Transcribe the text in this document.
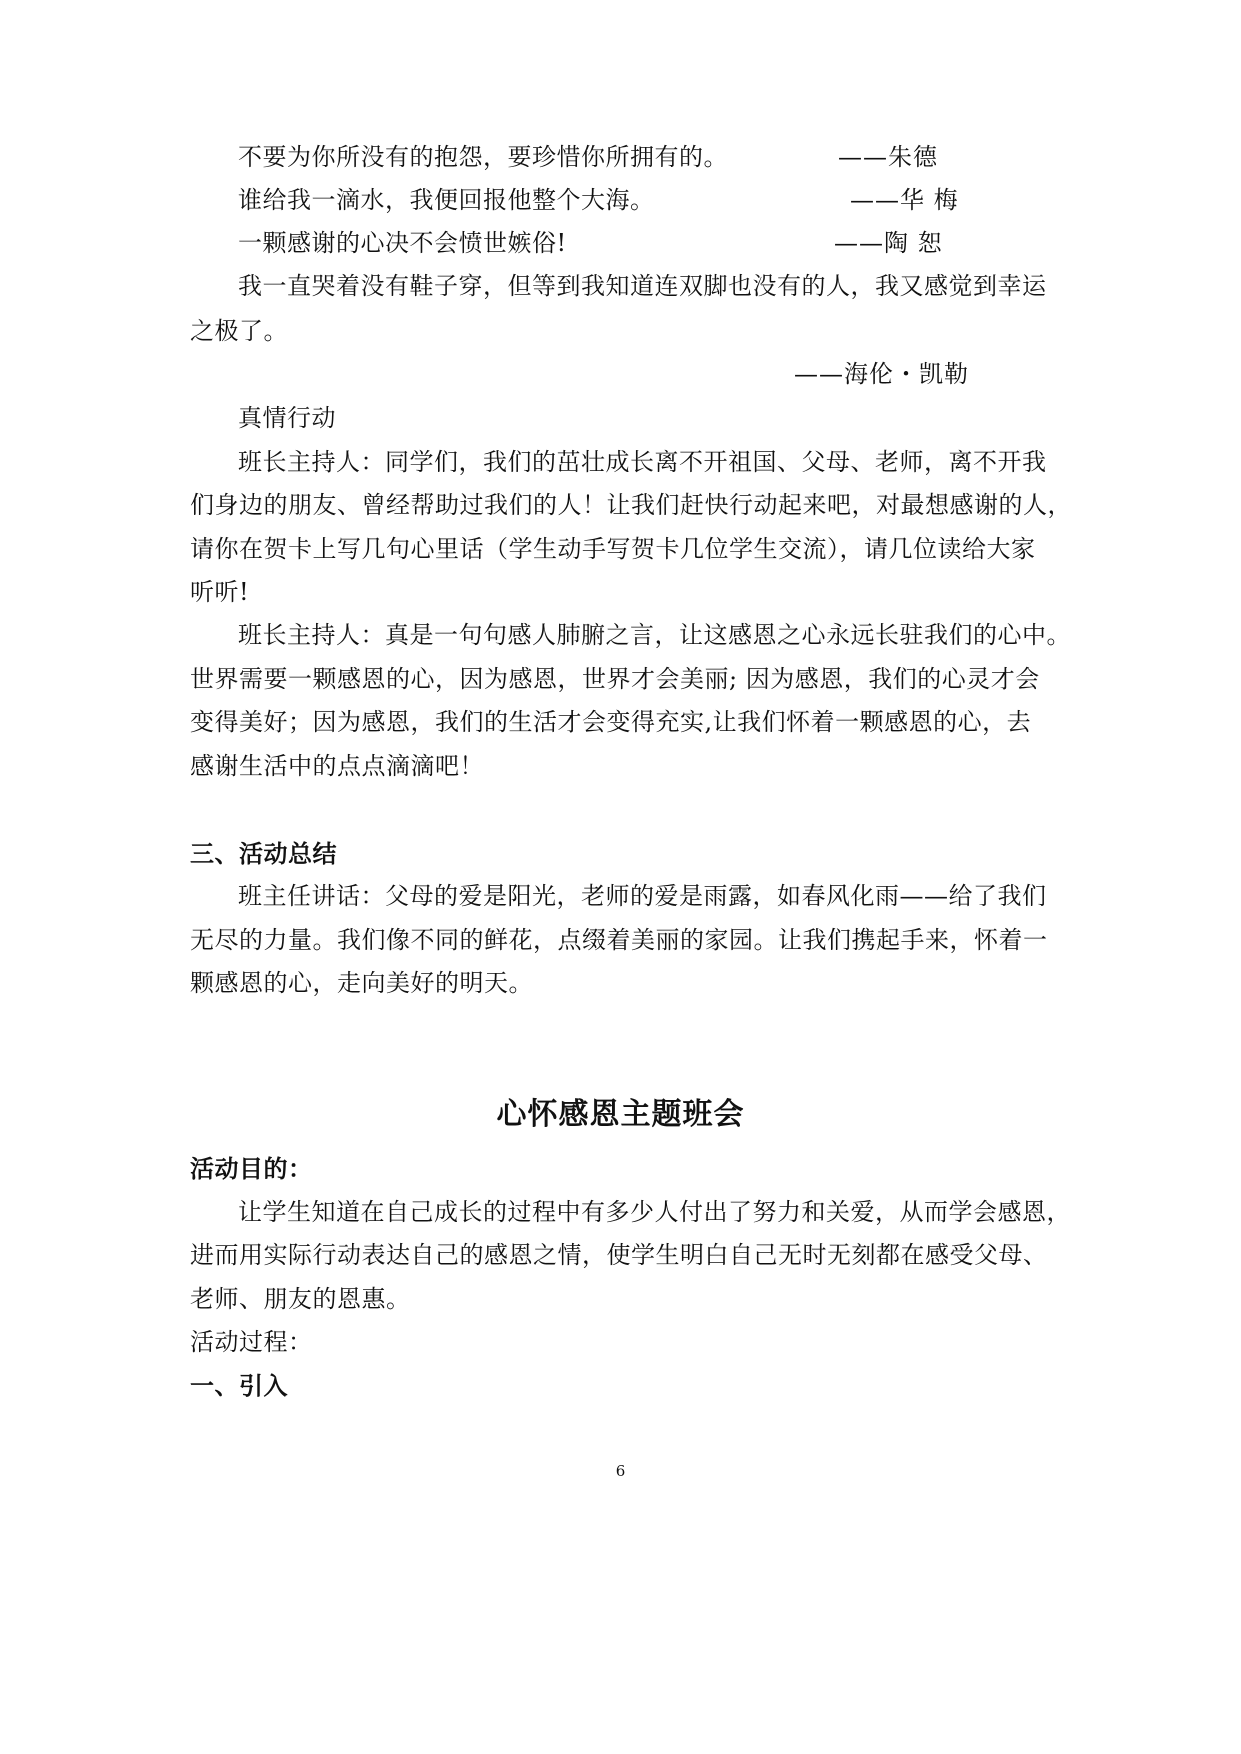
不要为你所没有的抱怨，要珍惜你所拥有的。	——朱德
谁给我一滴水，我便回报他整个大海。	——华 梅
一颗感谢的心决不会愤世嫉俗!	——陶 恕
我一直哭着没有鞋子穿，但等到我知道连双脚也没有的人，我又感觉到幸运
之极了。
——海伦・凯勒
真情行动
班长主持人：同学们，我们的茁壮成长离不开祖国、父母、老师，离不开我
们身边的朋友、曾经帮助过我们的人！让我们赶快行动起来吧，对最想感谢的人，
请你在贺卡上写几句心里话（学生动手写贺卡几位学生交流），请几位读给大家
听听!
班长主持人：真是一句句感人肺腑之言，让这感恩之心永远长驻我们的心中。
世界需要一颗感恩的心，因为感恩，世界才会美丽; 因为感恩，我们的心灵才会
变得美好；因为感恩，我们的生活才会变得充实,让我们怀着一颗感恩的心，去
感谢生活中的点点滴滴吧！
三、活动总结
班主任讲话：父母的爱是阳光，老师的爱是雨露，如春风化雨——给了我们
无尽的力量。我们像不同的鲜花，点缀着美丽的家园。让我们携起手来，怀着一
颗感恩的心，走向美好的明天。
心怀感恩主题班会
活动目的：
让学生知道在自己成长的过程中有多少人付出了努力和关爱，从而学会感恩，
进而用实际行动表达自己的感恩之情，使学生明白自己无时无刻都在感受父母、
老师、朋友的恩惠。
活动过程：
一、引入
6
